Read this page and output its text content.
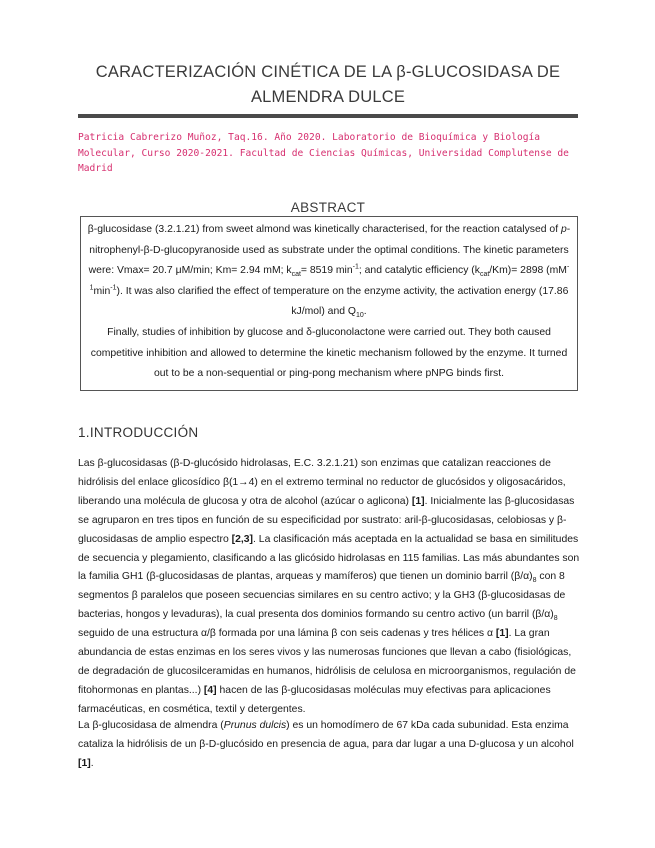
CARACTERIZACIÓN CINÉTICA DE LA β-GLUCOSIDASA DE
ALMENDRA DULCE
Patricia Cabrerizo Muñoz, Taq.16. Año 2020. Laboratorio de Bioquímica y Biología Molecular, Curso 2020-2021. Facultad de Ciencias Químicas, Universidad Complutense de Madrid
ABSTRACT

β-glucosidase (3.2.1.21) from sweet almond was kinetically characterised, for the reaction catalysed of p-nitrophenyl-β-D-glucopyranoside used as substrate under the optimal conditions. The kinetic parameters were: Vmax= 20.7 μM/min; Km= 2.94 mM; $k_{cat}= 8519$ $\min^{-1}$; and catalytic efficiency $(k_{cat}/Km)= 2898$ $(mM^{-1}\min^{-1})$. It was also clarified the effect of temperature on the enzyme activity, the activation energy (17.86 kJ/mol) and $Q_{10}$.

Finally, studies of inhibition by glucose and δ-gluconolactone were carried out. They both caused competitive inhibition and allowed to determine the kinetic mechanism followed by the enzyme. It turned out to be a non-sequential or ping-pong mechanism where pNPG binds first.

1.INTRODUCCIÓN

Las β-glucosidasas (β-D-glucósido hidrolasas, E.C. 3.2.1.21) son enzimas que catalizan reacciones de hidrólisis del enlace glicosídico β(1→4) en el extremo terminal no reductor de glucósidos y oligosacáridos, liberando una molécula de glucosa y otra de alcohol (azúcar o aglicona) [1]. Inicialmente las β-glucosidasas se agruparon en tres tipos en función de su especificidad por sustrato: aril-β-glucosidasas, celobiosas y β-glucosidasas de amplio espectro [2,3]. La clasificación más aceptada en la actualidad se basa en similitudes de secuencia y plegamiento, clasificando a las glicósido hidrolasas en 115 familias. Las más abundantes son la familia GH1 (β-glucosidasas de plantas, arqueas y mamíferos) que tienen un dominio barril $(\beta/\alpha)_8$ con 8 segmentos β paralelos que poseen secuencias similares en su centro activo; y la GH3 (β-glucosidasas de bacterias, hongos y levaduras), la cual presenta dos dominios formando su centro activo (un barril $(\beta/\alpha)_8$ seguido de una estructura α/β formada por una lámina β con seis cadenas y tres hélices α [1]. La gran abundancia de estas enzimas en los seres vivos y las numerosas funciones que llevan a cabo (fisiológicas, de degradación de glucosilceramidas en humanos, hidrólisis de celulosa en microorganismos, regulación de fitohormonas en plantas...) [4] hacen de las β-glucosidasas moléculas muy efectivas para aplicaciones farmacéuticas, en cosmética, textil y detergentes.

La β-glucosidasa de almendra (Prunus dulcis) es un homodímero de 67 kDa cada subunidad. Esta enzima cataliza la hidrólisis de un β-D-glucósido en presencia de agua, para dar lugar a una D-glucosa y un alcohol [1].
